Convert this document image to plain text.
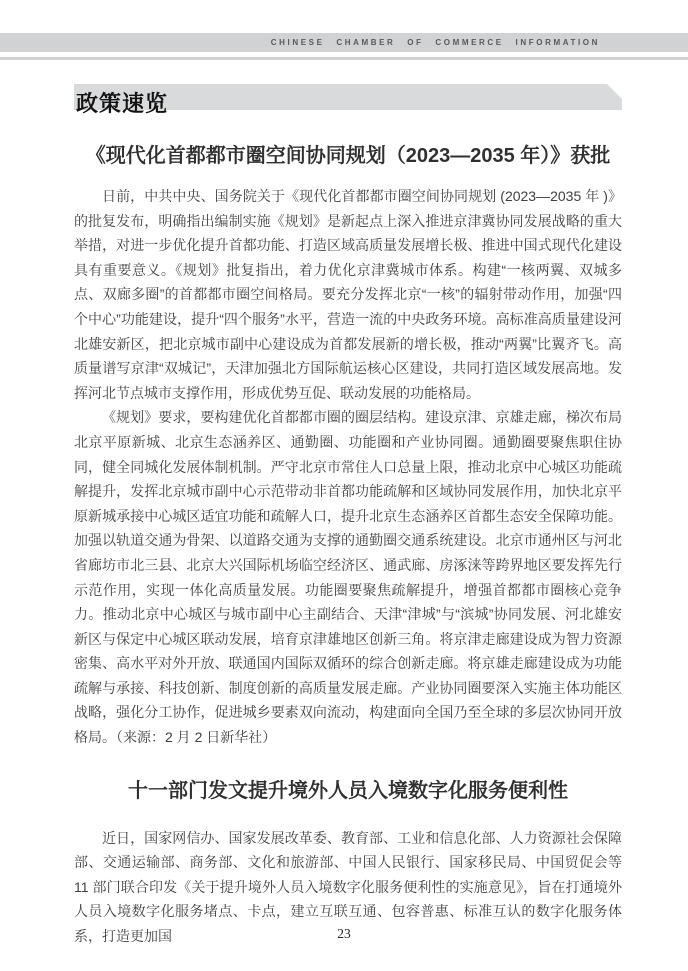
CHINESE CHAMBER OF COMMERCE INFORMATION
政策速览
《现代化首都都市圈空间协同规划（2023—2035 年）》获批

日前，中共中央、国务院关于《现代化首都都市圈空间协同规划 (2023—2035 年 )》的批复发布，明确指出编制实施《规划》是新起点上深入推进京津冀协同发展战略的重大举措，对进一步优化提升首都功能、打造区域高质量发展增长极、推进中国式现代化建设具有重要意义。《规划》批复指出，着力优化京津冀城市体系。构建“一核两翼、双城多点、双廊多圈”的首都都市圈空间格局。要充分发挥北京“一核”的辐射带动作用，加强“四个中心”功能建设，提升“四个服务”水平，营造一流的中央政务环境。高标准高质量建设河北雄安新区，把北京城市副中心建设成为首都发展新的增长极，推动“两翼”比翼齐飞。高质量谱写京津“双城记”，天津加强北方国际航运核心区建设，共同打造区域发展高地。发挥河北节点城市支撑作用，形成优势互促、联动发展的功能格局。

《规划》要求，要构建优化首都都市圈的圈层结构。建设京津、京雄走廊，梯次布局北京平原新城、北京生态涵养区、通勤圈、功能圈和产业协同圈。通勤圈要聚焦职住协同，健全同城化发展体制机制。严守北京市常住人口总量上限，推动北京中心城区功能疏解提升，发挥北京城市副中心示范带动非首都功能疏解和区域协同发展作用，加快北京平原新城承接中心城区适宜功能和疏解人口，提升北京生态涵养区首都生态安全保障功能。加强以轨道交通为骨架、以道路交通为支撑的通勤圈交通系统建设。北京市通州区与河北省廊坊市北三县、北京大兴国际机场临空经济区、通武廊、房涿涞等跨界地区要发挥先行示范作用，实现一体化高质量发展。功能圈要聚焦疏解提升，增强首都都市圈核心竞争力。推动北京中心城区与城市副中心主副结合、天津“津城”与“滨城”协同发展、河北雄安新区与保定中心城区联动发展，培育京津雄地区创新三角。将京津走廊建设成为智力资源密集、高水平对外开放、联通国内国际双循环的综合创新走廊。将京雄走廊建设成为功能疏解与承接、科技创新、制度创新的高质量发展走廊。产业协同圈要深入实施主体功能区战略，强化分工协作，促进城乡要素双向流动，构建面向全国乃至全球的多层次协同开放格局。（来源：2 月 2 日新华社）

十一部门发文提升境外人员入境数字化服务便利性

近日，国家网信办、国家发展改革委、教育部、工业和信息化部、人力资源社会保障部、交通运输部、商务部、文化和旅游部、中国人民银行、国家移民局、中国贸促会等 11 部门联合印发《关于提升境外人员入境数字化服务便利性的实施意见》，旨在打通境外人员入境数字化服务堵点、卡点，建立互联互通、包容普惠、标准互认的数字化服务体系，打造更加国	23
